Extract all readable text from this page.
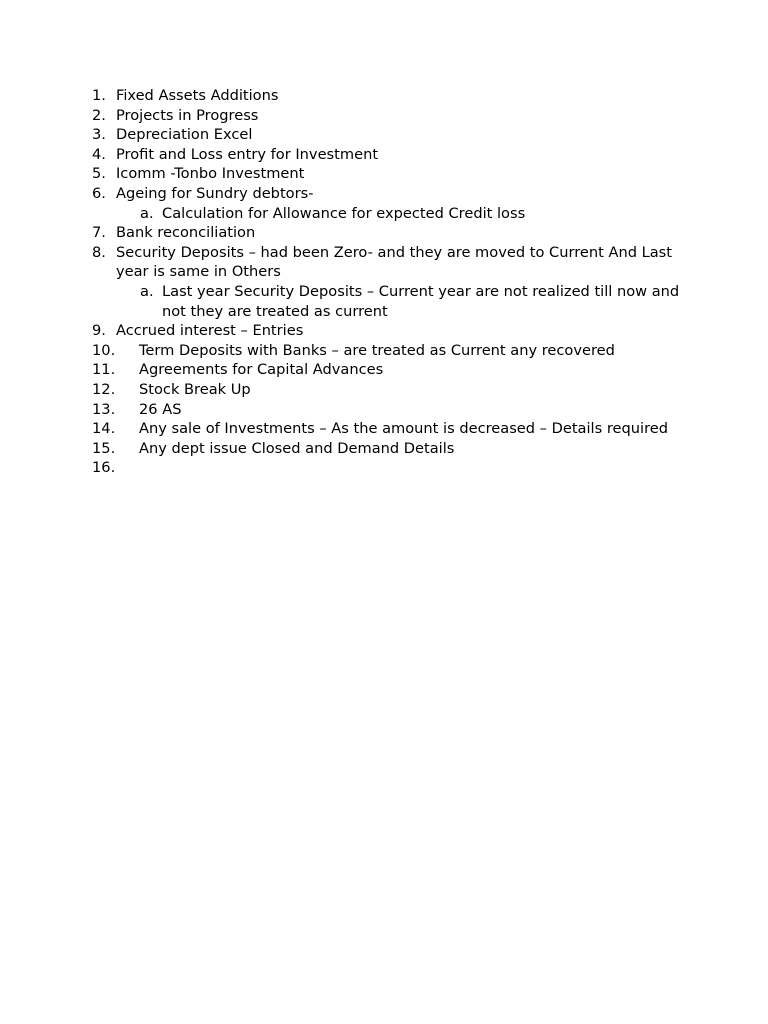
1. Fixed Assets Additions
2. Projects in Progress
3. Depreciation Excel
4. Profit and Loss entry for Investment
5. Icomm -Tonbo Investment
6. Ageing for Sundry debtors-
a. Calculation for Allowance for expected Credit loss
7. Bank reconciliation
8. Security Deposits – had been Zero- and they are moved to Current And Last year is same in Others
a. Last year Security Deposits – Current year are not realized till now and not they are treated as current
9. Accrued interest – Entries
10.	Term Deposits with Banks – are treated as Current any recovered
11.	Agreements for Capital Advances
12.	Stock Break Up
13.	26 AS
14.	Any sale of Investments – As the amount is decreased – Details required
15.	Any dept issue Closed and Demand Details
16.
